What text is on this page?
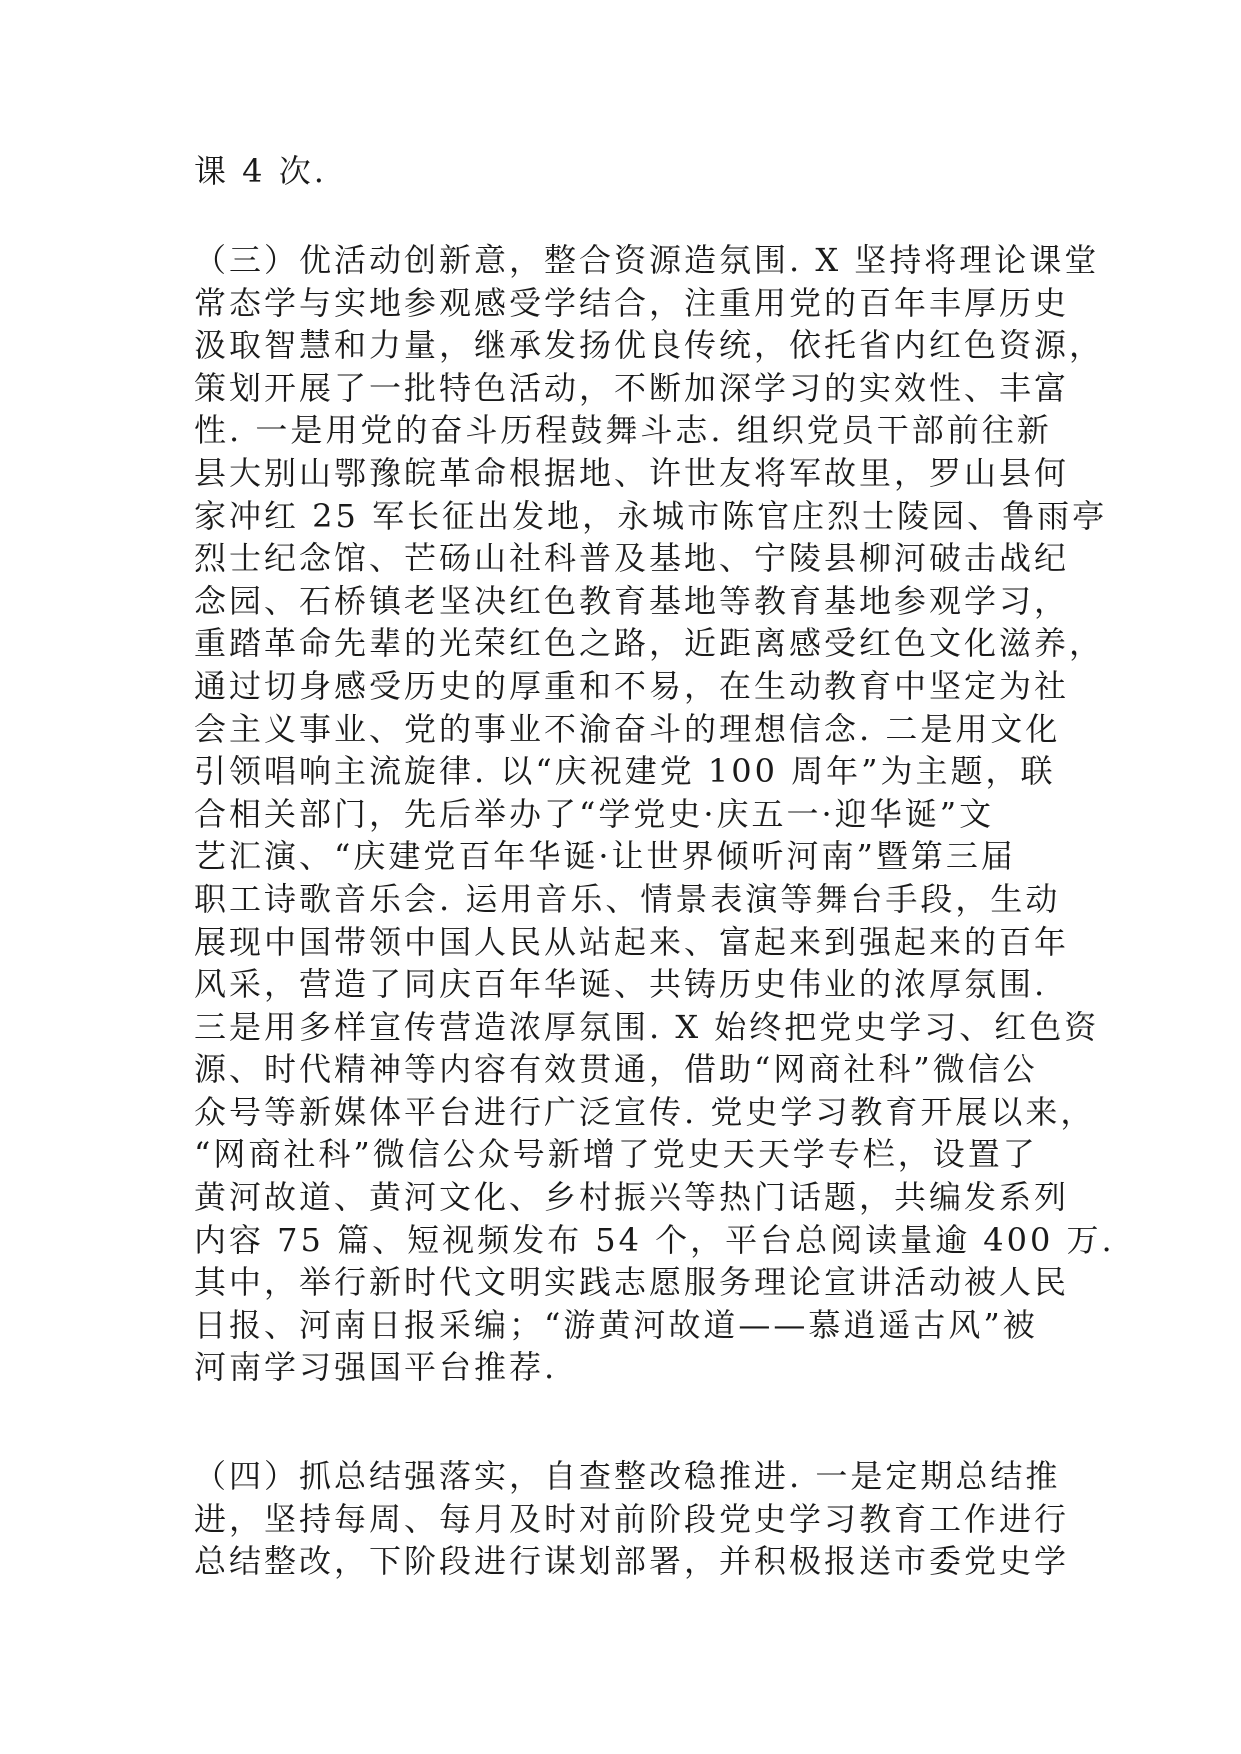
课 4 次.

（三）优活动创新意，整合资源造氛围. X 坚持将理论课堂
常态学与实地参观感受学结合，注重用党的百年丰厚历史
汲取智慧和力量，继承发扬优良传统，依托省内红色资源，
策划开展了一批特色活动，不断加深学习的实效性、丰富
性. 一是用党的奋斗历程鼓舞斗志. 组织党员干部前往新
县大别山鄂豫皖革命根据地、许世友将军故里，罗山县何
家冲红 25 军长征出发地，永城市陈官庄烈士陵园、鲁雨亭
烈士纪念馆、芒砀山社科普及基地、宁陵县柳河破击战纪
念园、石桥镇老坚决红色教育基地等教育基地参观学习，
重踏革命先辈的光荣红色之路，近距离感受红色文化滋养，
通过切身感受历史的厚重和不易，在生动教育中坚定为社
会主义事业、党的事业不渝奋斗的理想信念. 二是用文化
引领唱响主流旋律. 以“庆祝建党 100 周年”为主题，联
合相关部门，先后举办了“学党史·庆五一·迎华诞”文
艺汇演、“庆建党百年华诞·让世界倾听河南”暨第三届
职工诗歌音乐会. 运用音乐、情景表演等舞台手段，生动
展现中国带领中国人民从站起来、富起来到强起来的百年
风采，营造了同庆百年华诞、共铸历史伟业的浓厚氛围.
三是用多样宣传营造浓厚氛围. X 始终把党史学习、红色资
源、时代精神等内容有效贯通，借助“网商社科”微信公
众号等新媒体平台进行广泛宣传. 党史学习教育开展以来，
“网商社科”微信公众号新增了党史天天学专栏，设置了
黄河故道、黄河文化、乡村振兴等热门话题，共编发系列
内容 75 篇、短视频发布 54 个，平台总阅读量逾 400 万.
其中，举行新时代文明实践志愿服务理论宣讲活动被人民
日报、河南日报采编；“游黄河故道——慕逍遥古风”被
河南学习强国平台推荐.

（四）抓总结强落实，自查整改稳推进. 一是定期总结推
进，坚持每周、每月及时对前阶段党史学习教育工作进行
总结整改，下阶段进行谋划部署，并积极报送市委党史学
